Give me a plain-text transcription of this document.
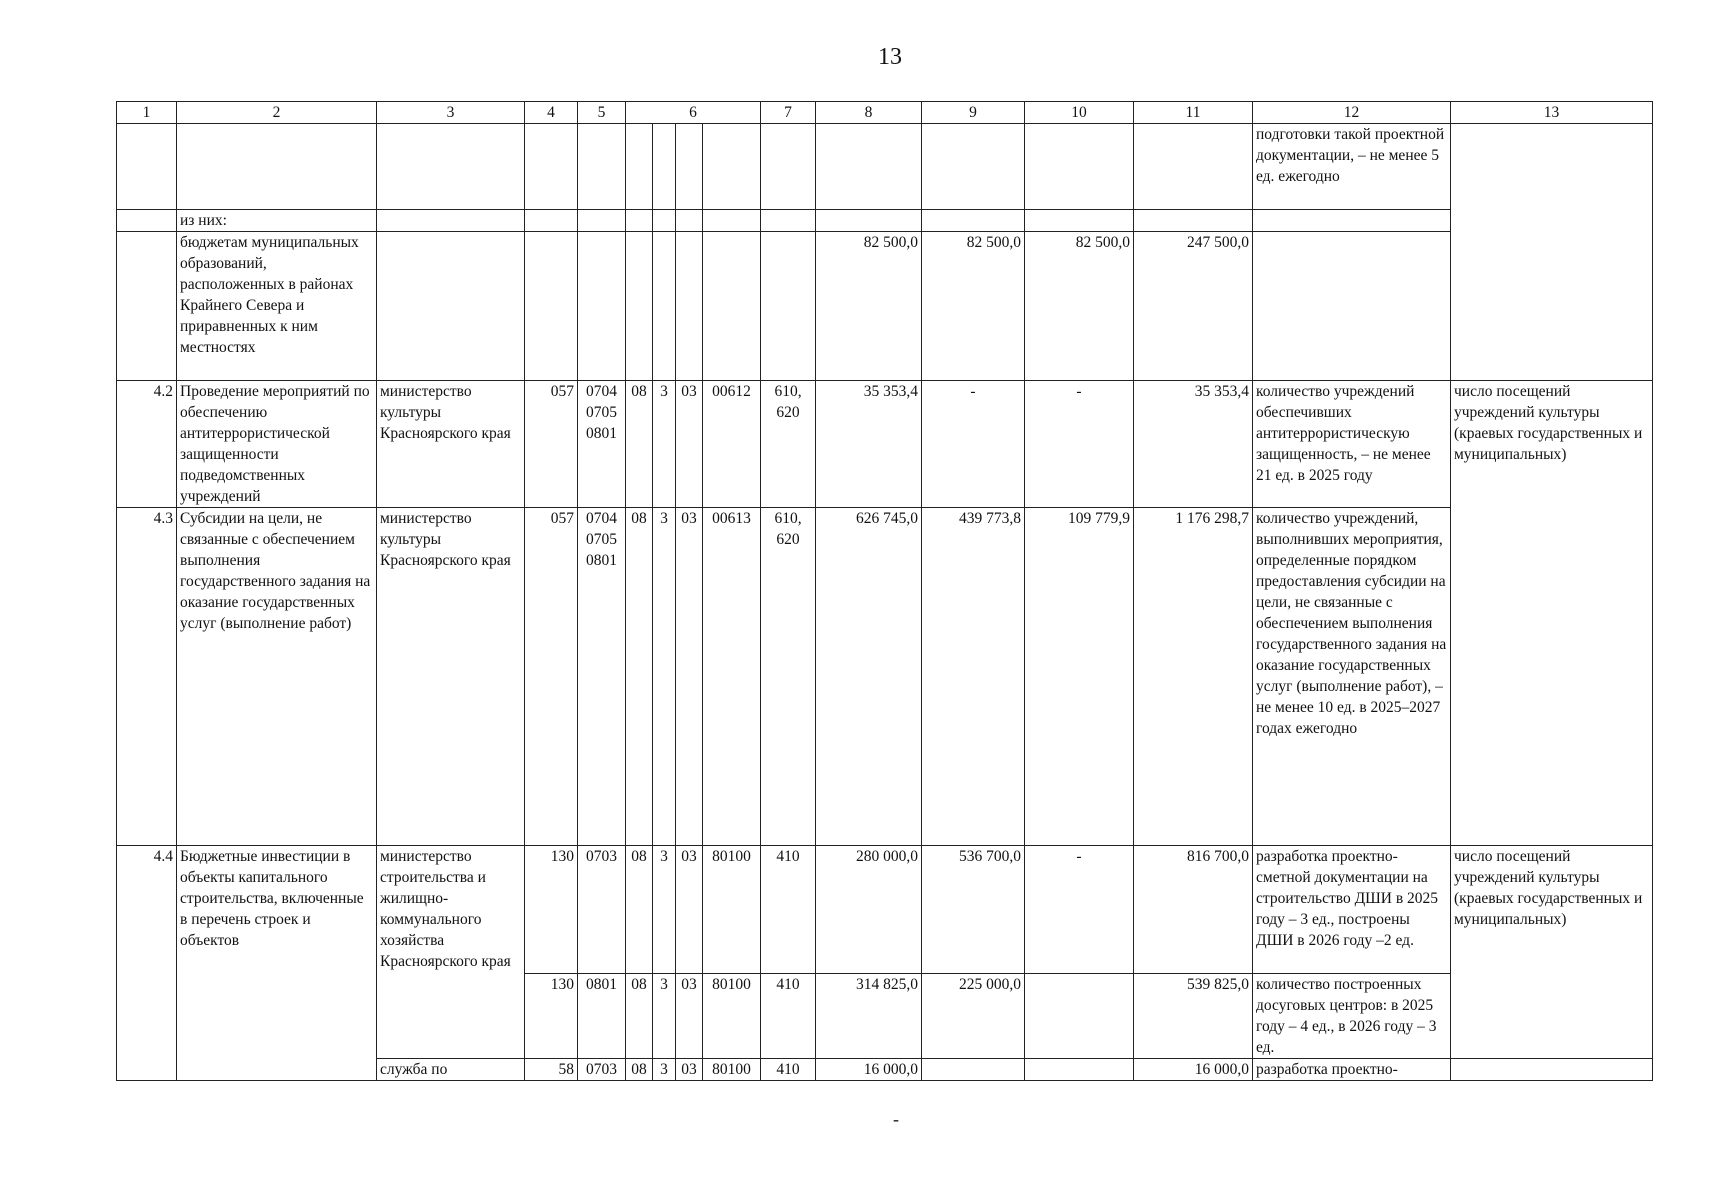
13
1	2	3	4	5	6				7	8	9	10	11	12	13
														подготовки такой проектной документации, – не менее 5 ед. ежегодно	
	из них:														
	бюджетам муниципальных образований, расположенных в районах Крайнего Севера и приравненных к ним местностях									82 500,0	82 500,0	82 500,0	247 500,0		
4.2	Проведение мероприятий по обеспечению антитеррористической защищенности подведомственных учреждений	министерство культуры Красноярского края	057	0704 0705 0801	08	3	03	00612	610, 620	35 353,4	-	-	35 353,4	количество учреждений обеспечивших антитеррористическую защищенность, – не менее 21 ед. в 2025 году	число посещений учреждений культуры (краевых государственных и муниципальных)
4.3	Субсидии на цели, не связанные с обеспечением выполнения государственного задания на оказание государственных услуг (выполнение работ)	министерство культуры Красноярского края	057	0704 0705 0801	08	3	03	00613	610, 620	626 745,0	439 773,8	109 779,9	1 176 298,7	количество учреждений, выполнивших мероприятия, определенные порядком предоставления субсидии на цели, не связанные с обеспечением выполнения государственного задания на оказание государственных услуг (выполнение работ), – не менее 10 ед. в 2025–2027 годах ежегодно	
4.4	Бюджетные инвестиции в объекты капитального строительства, включенные в перечень строек и объектов	министерство строительства и жилищно-коммунального хозяйства Красноярского края	130	0703	08	3	03	80100	410	280 000,0	536 700,0	-	816 700,0	разработка проектно-сметной документации на строительство ДШИ в 2025 году – 3 ед., построены ДШИ в 2026 году –2 ед.	число посещений учреждений культуры (краевых государственных и муниципальных)
			130	0801	08	3	03	80100	410	314 825,0	225 000,0		539 825,0	количество построенных досуговых центров: в 2025 году – 4 ед., в 2026 году – 3 ед.	
		служба по	58	0703	08	3	03	80100	410	16 000,0			16 000,0	разработка проектно-	
-
